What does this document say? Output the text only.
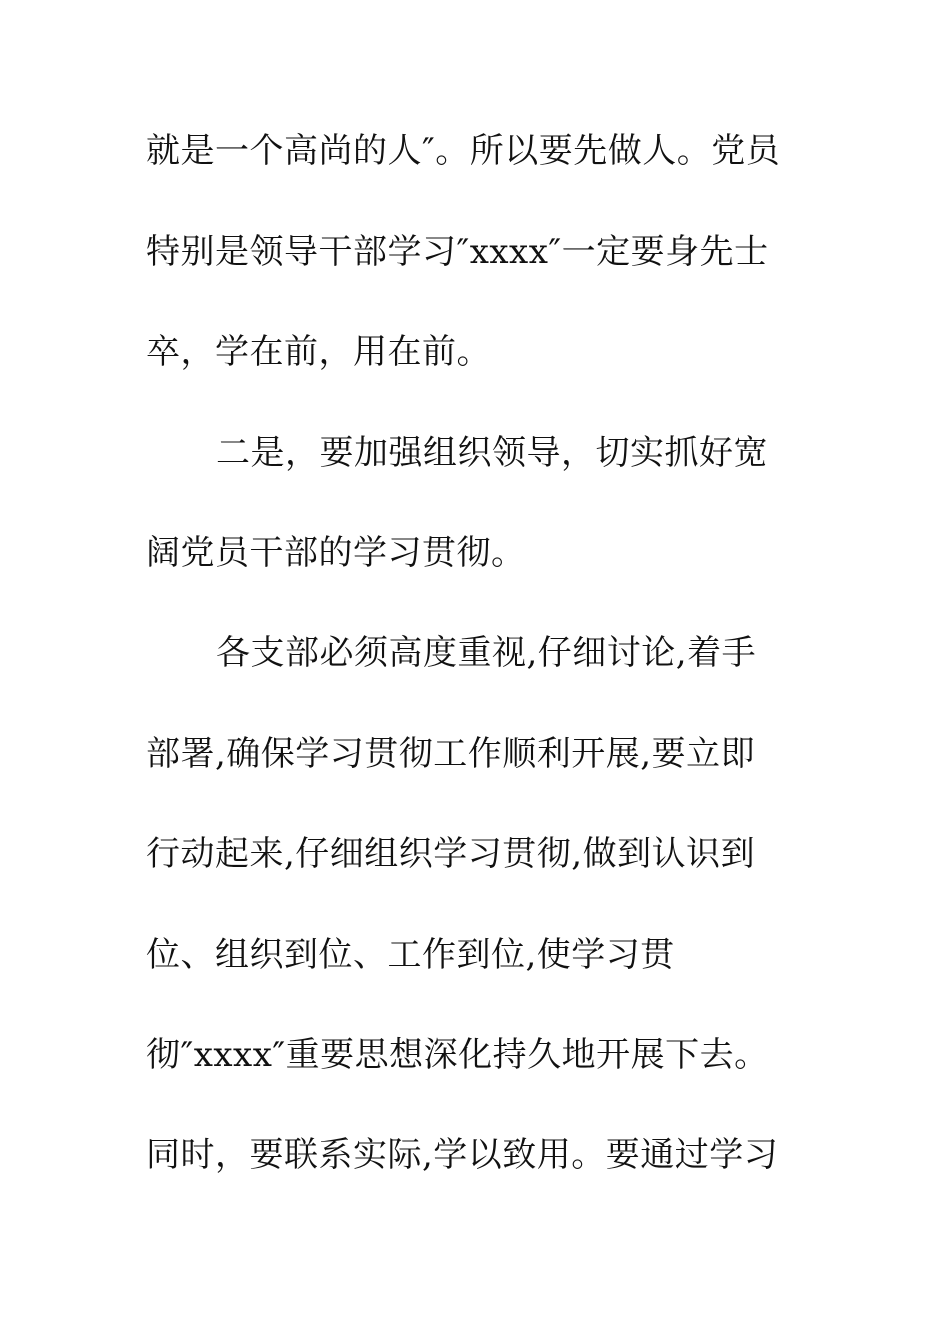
就是一个高尚的人″。所以要先做人。党员
特别是领导干部学习″xxxx″一定要身先士
卒，学在前，用在前。
二是，要加强组织领导，切实抓好宽
阔党员干部的学习贯彻。
各支部必须高度重视,仔细讨论,着手
部署,确保学习贯彻工作顺利开展,要立即
行动起来,仔细组织学习贯彻,做到认识到
位、组织到位、工作到位,使学习贯
彻″xxxx″重要思想深化持久地开展下去。
同时，要联系实际,学以致用。要通过学习
